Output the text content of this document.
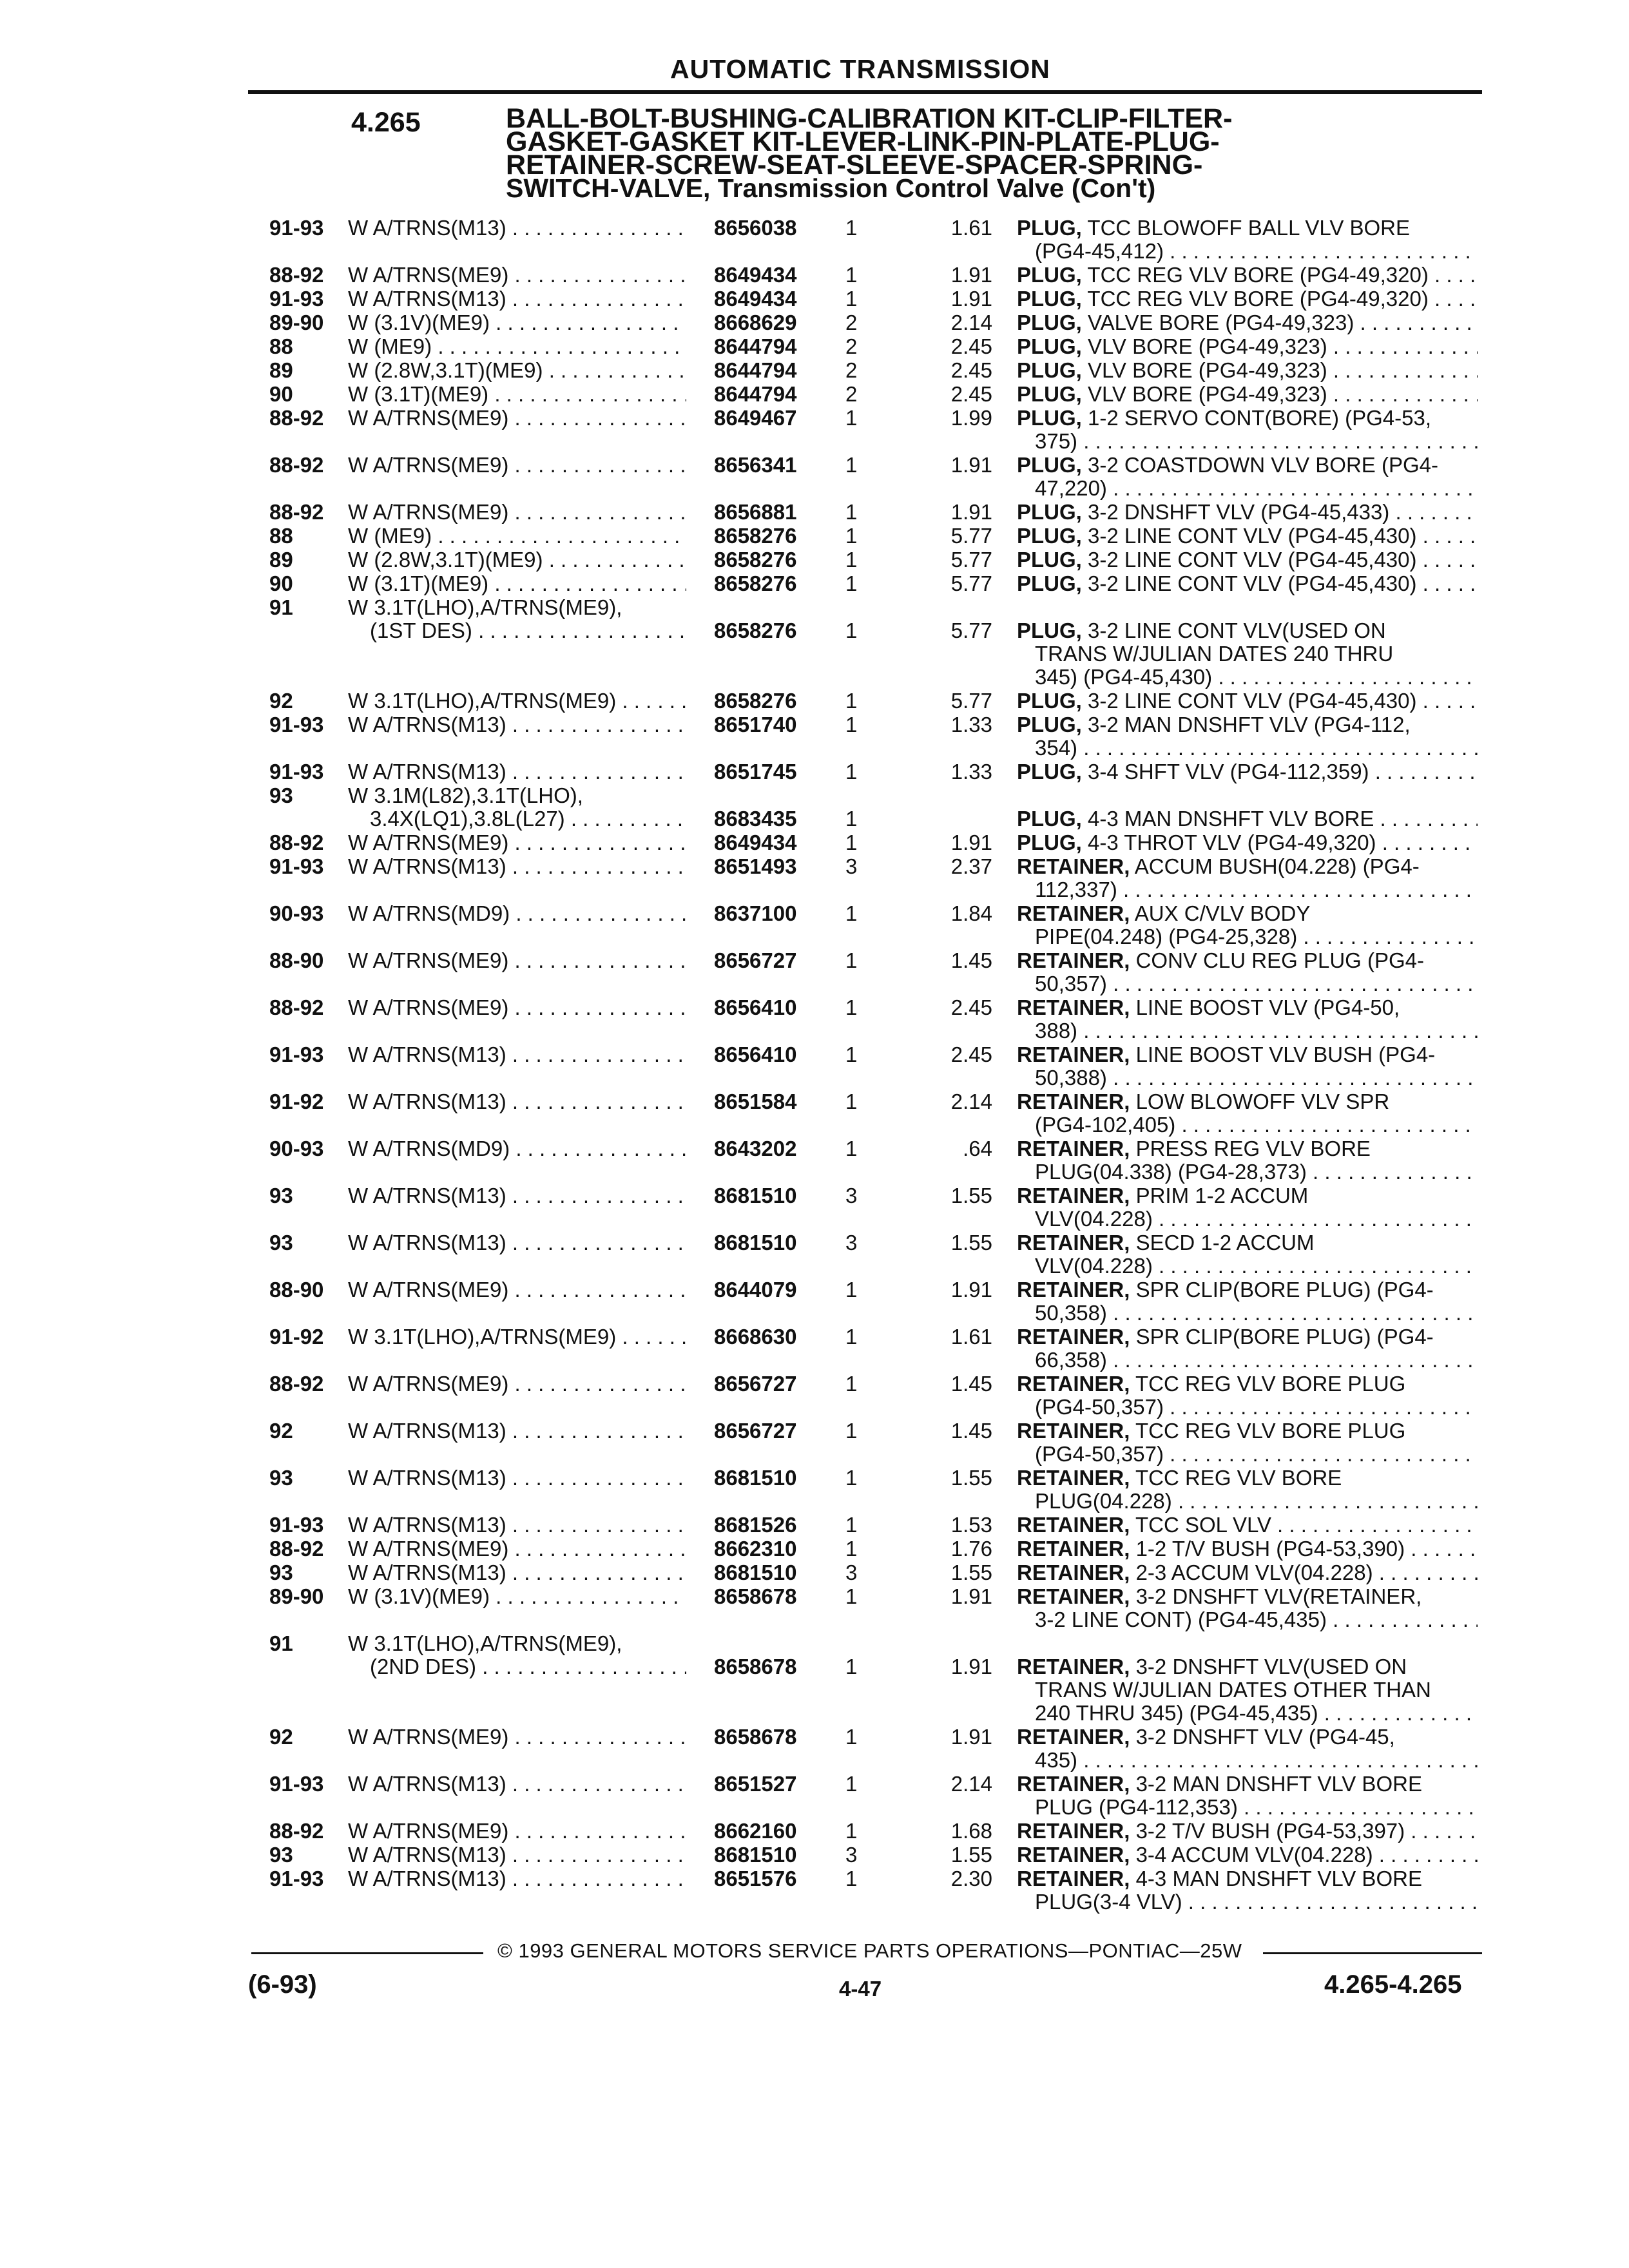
AUTOMATIC TRANSMISSION
4.265	BALL-BOLT-BUSHING-CALIBRATION KIT-CLIP-FILTER-
GASKET-GASKET KIT-LEVER-LINK-PIN-PLATE-PLUG-
RETAINER-SCREW-SEAT-SLEEVE-SPACER-SPRING-
SWITCH-VALVE, Transmission Control Valve (Con't)
91-93 W A/TRNS(M13) . . .	8656038 1	1.61 PLUG, TCC BLOWOFF BALL VLV BORE
(PG4-45,412) . . .
88-92 W A/TRNS(ME9) . . .	8649434 1	1.91 PLUG, TCC REG VLV BORE (PG4-49,320) . . .
91-93 W A/TRNS(M13) . . .	8649434 1	1.91 PLUG, TCC REG VLV BORE (PG4-49,320) . . .
89-90 W (3.1V)(ME9) . . .	8668629 2	2.14 PLUG, VALVE BORE (PG4-49,323) . . .
88	W (ME9) . . .	8644794 2	2.45 PLUG, VLV BORE (PG4-49,323) . . .
89	W (2.8W,3.1T)(ME9) . . .	8644794 2	2.45 PLUG, VLV BORE (PG4-49,323) . . .
90	W (3.1T)(ME9) . . .	8644794 2	2.45 PLUG, VLV BORE (PG4-49,323) . . .
88-92 W A/TRNS(ME9) . . .	8649467 1	1.99 PLUG, 1-2 SERVO CONT(BORE) (PG4-53,
375) . . .
88-92 W A/TRNS(ME9) . . .	8656341 1	1.91 PLUG, 3-2 COASTDOWN VLV BORE (PG4-
47,220) . . .
88-92 W A/TRNS(ME9) . . .	8656881 1	1.91 PLUG, 3-2 DNSHFT VLV (PG4-45,433) . . .
88	W (ME9) . . .	8658276 1	5.77 PLUG, 3-2 LINE CONT VLV (PG4-45,430) . . .
89	W (2.8W,3.1T)(ME9) . . .	8658276 1	5.77 PLUG, 3-2 LINE CONT VLV (PG4-45,430) . . .
90	W (3.1T)(ME9) . . .	8658276 1	5.77 PLUG, 3-2 LINE CONT VLV (PG4-45,430) . . .
91	W 3.1T(LHO),A/TRNS(ME9),
(1ST DES) . . .	8658276 1	5.77 PLUG, 3-2 LINE CONT VLV(USED ON
TRANS W/JULIAN DATES 240 THRU
345) (PG4-45,430) . . .
92	W 3.1T(LHO),A/TRNS(ME9) . . .	8658276 1	5.77 PLUG, 3-2 LINE CONT VLV (PG4-45,430) . . .
91-93 W A/TRNS(M13) . . .	8651740 1	1.33 PLUG, 3-2 MAN DNSHFT VLV (PG4-112,
354) . . .
91-93 W A/TRNS(M13) . . .	8651745 1	1.33 PLUG, 3-4 SHFT VLV (PG4-112,359) . . .
93	W 3.1M(L82),3.1T(LHO),
3.4X(LQ1),3.8L(L27) . . .	8683435 1	PLUG, 4-3 MAN DNSHFT VLV BORE . . .
88-92 W A/TRNS(ME9) . . .	8649434 1	1.91 PLUG, 4-3 THROT VLV (PG4-49,320) . . .
91-93 W A/TRNS(M13) . . .	8651493 3	2.37 RETAINER, ACCUM BUSH(04.228) (PG4-
112,337) . . .
90-93 W A/TRNS(MD9) . . .	8637100 1	1.84 RETAINER, AUX C/VLV BODY
PIPE(04.248) (PG4-25,328) . . .
88-90 W A/TRNS(ME9) . . .	8656727 1	1.45 RETAINER, CONV CLU REG PLUG (PG4-
50,357) . . .
88-92 W A/TRNS(ME9) . . .	8656410 1	2.45 RETAINER, LINE BOOST VLV (PG4-50,
388) . . .
91-93 W A/TRNS(M13) . . .	8656410 1	2.45 RETAINER, LINE BOOST VLV BUSH (PG4-
50,388) . . .
91-92 W A/TRNS(M13) . . .	8651584 1	2.14 RETAINER, LOW BLOWOFF VLV SPR
(PG4-102,405) . . .
90-93 W A/TRNS(MD9) . . .	8643202 1	.64 RETAINER, PRESS REG VLV BORE
PLUG(04.338) (PG4-28,373) . . .
93	W A/TRNS(M13) . . .	8681510 3	1.55 RETAINER, PRIM 1-2 ACCUM
VLV(04.228) . . .
93	W A/TRNS(M13) . . .	8681510 3	1.55 RETAINER, SECD 1-2 ACCUM
VLV(04.228) . . .
88-90 W A/TRNS(ME9) . . .	8644079 1	1.91 RETAINER, SPR CLIP(BORE PLUG) (PG4-
50,358) . . .
91-92 W 3.1T(LHO),A/TRNS(ME9) . . .	8668630 1	1.61 RETAINER, SPR CLIP(BORE PLUG) (PG4-
66,358) . . .
88-92 W A/TRNS(ME9) . . .	8656727 1	1.45 RETAINER, TCC REG VLV BORE PLUG
(PG4-50,357) . . .
92	W A/TRNS(M13) . . .	8656727 1	1.45 RETAINER, TCC REG VLV BORE PLUG
(PG4-50,357) . . .
93	W A/TRNS(M13) . . .	8681510 1	1.55 RETAINER, TCC REG VLV BORE
PLUG(04.228) . . .
91-93 W A/TRNS(M13) . . .	8681526 1	1.53 RETAINER, TCC SOL VLV . . .
88-92 W A/TRNS(ME9) . . .	8662310 1	1.76 RETAINER, 1-2 T/V BUSH (PG4-53,390) . . .
93	W A/TRNS(M13) . . .	8681510 3	1.55 RETAINER, 2-3 ACCUM VLV(04.228) . . .
89-90 W (3.1V)(ME9) . . .	8658678 1	1.91 RETAINER, 3-2 DNSHFT VLV(RETAINER,
3-2 LINE CONT) (PG4-45,435) . . .
91	W 3.1T(LHO),A/TRNS(ME9),
(2ND DES) . . .	8658678 1	1.91 RETAINER, 3-2 DNSHFT VLV(USED ON
TRANS W/JULIAN DATES OTHER THAN
240 THRU 345) (PG4-45,435) . . .
92	W A/TRNS(ME9) . . .	8658678 1	1.91 RETAINER, 3-2 DNSHFT VLV (PG4-45,
435) . . .
91-93 W A/TRNS(M13) . . .	8651527 1	2.14 RETAINER, 3-2 MAN DNSHFT VLV BORE
PLUG (PG4-112,353) . . .
88-92 W A/TRNS(ME9) . . .	8662160 1	1.68 RETAINER, 3-2 T/V BUSH (PG4-53,397) . . .
93	W A/TRNS(M13) . . .	8681510 3	1.55 RETAINER, 3-4 ACCUM VLV(04.228) . . .
91-93 W A/TRNS(M13) . . .	8651576 1	2.30 RETAINER, 4-3 MAN DNSHFT VLV BORE
PLUG(3-4 VLV) . . .
© 1993 GENERAL MOTORS SERVICE PARTS OPERATIONS—PONTIAC—25W
(6-93)	4-47	4.265-4.265
